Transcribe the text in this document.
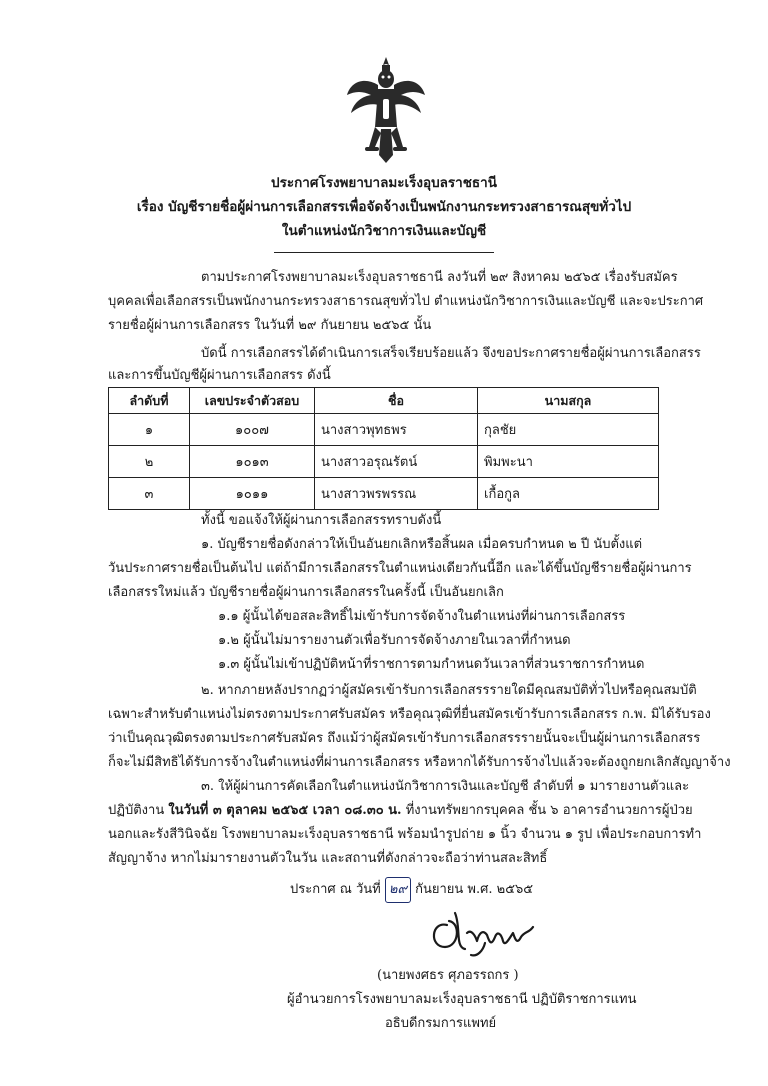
ประกาศโรงพยาบาลมะเร็งอุบลราชธานี
เรื่อง บัญชีรายชื่อผู้ผ่านการเลือกสรรเพื่อจัดจ้างเป็นพนักงานกระทรวงสาธารณสุขทั่วไป
ในตำแหน่งนักวิชาการเงินและบัญชี
ตามประกาศโรงพยาบาลมะเร็งอุบลราชธานี ลงวันที่ ๒๙ สิงหาคม ๒๕๖๕ เรื่องรับสมัคร
บุคคลเพื่อเลือกสรรเป็นพนักงานกระทรวงสาธารณสุขทั่วไป ตำแหน่งนักวิชาการเงินและบัญชี และจะประกาศ
รายชื่อผู้ผ่านการเลือกสรร ในวันที่ ๒๙ กันยายน ๒๕๖๕ นั้น
บัดนี้ การเลือกสรรได้ดำเนินการเสร็จเรียบร้อยแล้ว จึงขอประกาศรายชื่อผู้ผ่านการเลือกสรร
และการขึ้นบัญชีผู้ผ่านการเลือกสรร ดังนี้
ลำดับที่	เลขประจำตัวสอบ	ชื่อ	นามสกุล
๑	๑๐๐๗	นางสาวพุทธพร	กุลชัย
๒	๑๐๑๓	นางสาวอรุณรัตน์	พิมพะนา
๓	๑๐๑๑	นางสาวพรพรรณ	เกื้อกูล
ทั้งนี้ ขอแจ้งให้ผู้ผ่านการเลือกสรรทราบดังนี้
๑. บัญชีรายชื่อดังกล่าวให้เป็นอันยกเลิกหรือสิ้นผล เมื่อครบกำหนด ๒ ปี นับตั้งแต่
วันประกาศรายชื่อเป็นต้นไป แต่ถ้ามีการเลือกสรรในตำแหน่งเดียวกันนี้อีก และได้ขึ้นบัญชีรายชื่อผู้ผ่านการ
เลือกสรรใหม่แล้ว บัญชีรายชื่อผู้ผ่านการเลือกสรรในครั้งนี้ เป็นอันยกเลิก
๑.๑ ผู้นั้นได้ขอสละสิทธิ์ไม่เข้ารับการจัดจ้างในตำแหน่งที่ผ่านการเลือกสรร
๑.๒ ผู้นั้นไม่มารายงานตัวเพื่อรับการจัดจ้างภายในเวลาที่กำหนด
๑.๓ ผู้นั้นไม่เข้าปฏิบัติหน้าที่ราชการตามกำหนดวันเวลาที่ส่วนราชการกำหนด
๒. หากภายหลังปรากฏว่าผู้สมัครเข้ารับการเลือกสรรรายใดมีคุณสมบัติทั่วไปหรือคุณสมบัติ
เฉพาะสำหรับตำแหน่งไม่ตรงตามประกาศรับสมัคร หรือคุณวุฒิที่ยื่นสมัครเข้ารับการเลือกสรร ก.พ. มิได้รับรอง
ว่าเป็นคุณวุฒิตรงตามประกาศรับสมัคร ถึงแม้ว่าผู้สมัครเข้ารับการเลือกสรรรายนั้นจะเป็นผู้ผ่านการเลือกสรร
ก็จะไม่มีสิทธิได้รับการจ้างในตำแหน่งที่ผ่านการเลือกสรร หรือหากได้รับการจ้างไปแล้วจะต้องถูกยกเลิกสัญญาจ้าง
๓. ให้ผู้ผ่านการคัดเลือกในตำแหน่งนักวิชาการเงินและบัญชี ลำดับที่ ๑ มารายงานตัวและ
ปฏิบัติงาน ในวันที่ ๓ ตุลาคม ๒๕๖๕ เวลา ๐๘.๓๐ น. ที่งานทรัพยากรบุคคล ชั้น ๖ อาคารอำนวยการผู้ป่วย
นอกและรังสีวินิจฉัย โรงพยาบาลมะเร็งอุบลราชธานี พร้อมนำรูปถ่าย ๑ นิ้ว จำนวน ๑ รูป เพื่อประกอบการทำ
สัญญาจ้าง หากไม่มารายงานตัวในวัน และสถานที่ดังกล่าวจะถือว่าท่านสละสิทธิ์
ประกาศ ณ วันที่ ๒๙ กันยายน พ.ศ. ๒๕๖๕
(นายพงศธร ศุภอรรถกร )
ผู้อำนวยการโรงพยาบาลมะเร็งอุบลราชธานี ปฏิบัติราชการแทน
อธิบดีกรมการแพทย์
